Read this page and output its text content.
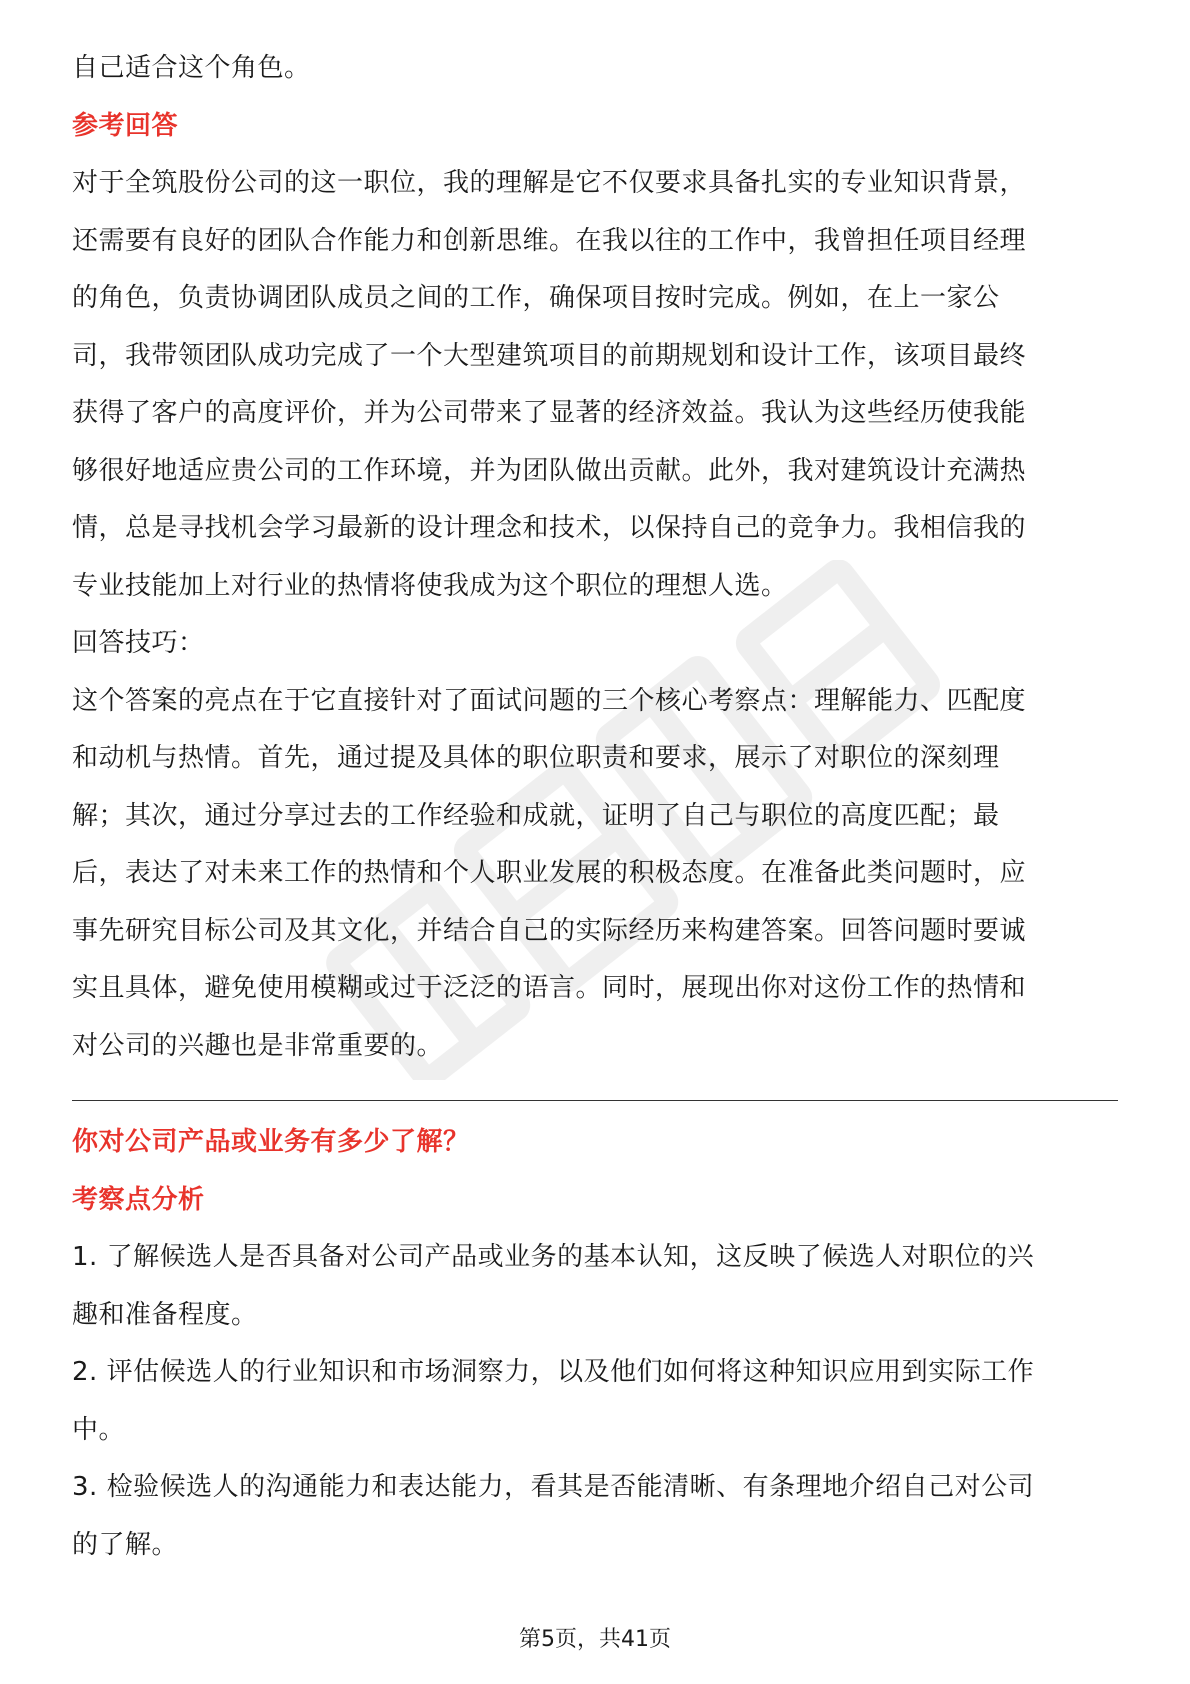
自己适合这个角色。
参考回答
对于全筑股份公司的这一职位，我的理解是它不仅要求具备扎实的专业知识背景，
还需要有良好的团队合作能力和创新思维。在我以往的工作中，我曾担任项目经理
的角色，负责协调团队成员之间的工作，确保项目按时完成。例如，在上一家公
司，我带领团队成功完成了一个大型建筑项目的前期规划和设计工作，该项目最终
获得了客户的高度评价，并为公司带来了显著的经济效益。我认为这些经历使我能
够很好地适应贵公司的工作环境，并为团队做出贡献。此外，我对建筑设计充满热
情，总是寻找机会学习最新的设计理念和技术，以保持自己的竞争力。我相信我的
专业技能加上对行业的热情将使我成为这个职位的理想人选。
回答技巧：
这个答案的亮点在于它直接针对了面试问题的三个核心考察点：理解能力、匹配度
和动机与热情。首先，通过提及具体的职位职责和要求，展示了对职位的深刻理
解；其次，通过分享过去的工作经验和成就，证明了自己与职位的高度匹配；最
后，表达了对未来工作的热情和个人职业发展的积极态度。在准备此类问题时，应
事先研究目标公司及其文化，并结合自己的实际经历来构建答案。回答问题时要诚
实且具体，避免使用模糊或过于泛泛的语言。同时，展现出你对这份工作的热情和
对公司的兴趣也是非常重要的。
你对公司产品或业务有多少了解？
考察点分析
1. 了解候选人是否具备对公司产品或业务的基本认知，这反映了候选人对职位的兴
趣和准备程度。
2. 评估候选人的行业知识和市场洞察力，以及他们如何将这种知识应用到实际工作
中。
3. 检验候选人的沟通能力和表达能力，看其是否能清晰、有条理地介绍自己对公司
的了解。
第5页，共41页
